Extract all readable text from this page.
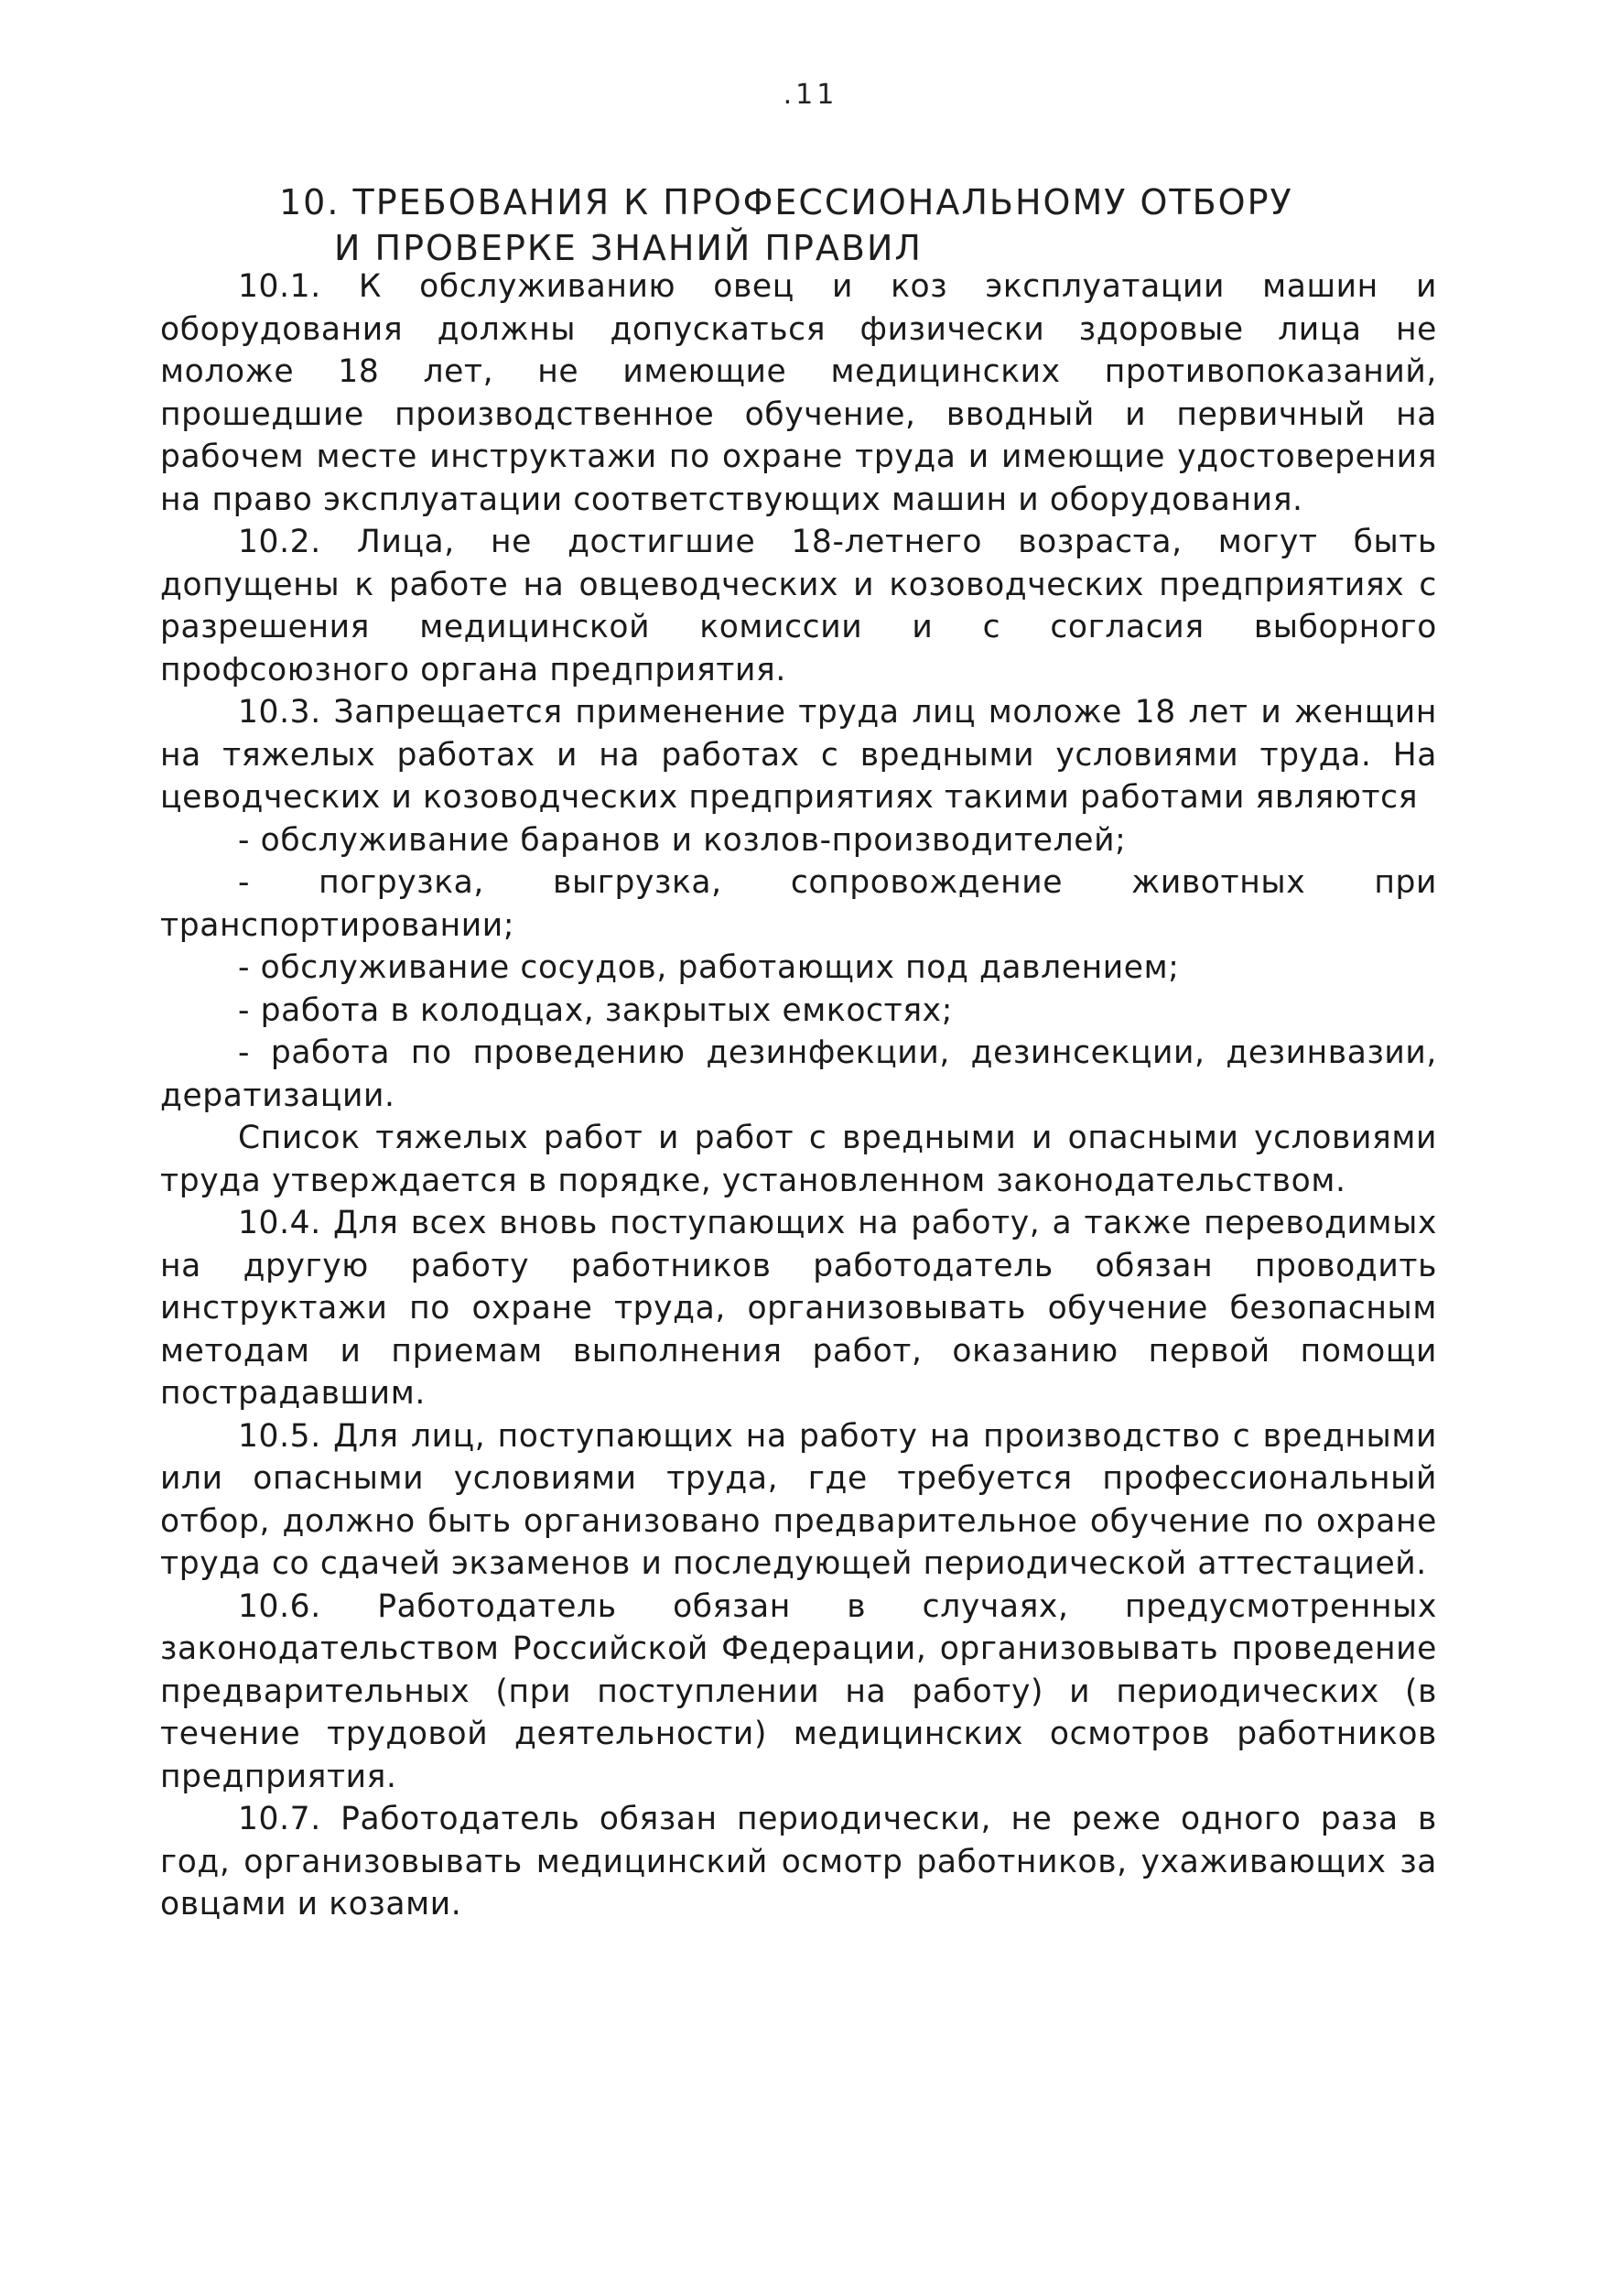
.11
10. ТРЕБОВАНИЯ К ПРОФЕССИОНАЛЬНОМУ ОТБОРУ
И ПРОВЕРКЕ ЗНАНИЙ ПРАВИЛ

10.1. К обслуживанию овец и коз эксплуатации машин и оборудования должны допускаться физически здоровые лица не моложе 18 лет, не имеющие медицинских противопоказаний, прошедшие производственное обучение, вводный и первичный на рабочем месте инструктажи по охране труда и имеющие удостоверения на право эксплуатации соответствующих машин и оборудования.

10.2. Лица, не достигшие 18-летнего возраста, могут быть допущены к работе на овцеводческих и козоводческих предприятиях с разрешения медицинской комиссии и с согласия выборного профсоюзного органа предприятия.

10.3. Запрещается применение труда лиц моложе 18 лет и женщин на тяжелых работах и на работах с вредными условиями труда. На цеводческих и козоводческих предприятиях такими работами являются

- обслуживание баранов и козлов-производителей;

- погрузка, выгрузка, сопровождение животных при транспортировании;

- обслуживание сосудов, работающих под давлением;

- работа в колодцах, закрытых емкостях;

- работа по проведению дезинфекции, дезинсекции, дезинвазии, дератизации.

Список тяжелых работ и работ с вредными и опасными условиями труда утверждается в порядке, установленном законодательством.

10.4. Для всех вновь поступающих на работу, а также переводимых на другую работу работников работодатель обязан проводить инструктажи по охране труда, организовывать обучение безопасным методам и приемам выполнения работ, оказанию первой помощи пострадавшим.

10.5. Для лиц, поступающих на работу на производство с вредными или опасными условиями труда, где требуется профессиональный отбор, должно быть организовано предварительное обучение по охране труда со сдачей экзаменов и последующей периодической аттестацией.

10.6. Работодатель обязан в случаях, предусмотренных законодательством Российской Федерации, организовывать проведение предварительных (при поступлении на работу) и периодических (в течение трудовой деятельности) медицинских осмотров работников предприятия.

10.7. Работодатель обязан периодически, не реже одного раза в год, организовывать медицинский осмотр работников, ухаживающих за овцами и козами.
